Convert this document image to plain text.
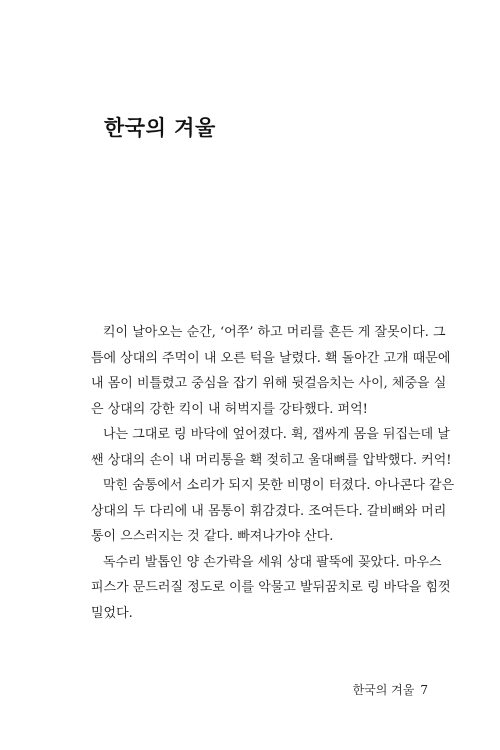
한국의 겨울
킥이 날아오는 순간, ‘어쭈’ 하고 머리를 흔든 게 잘못이다. 그
틈에 상대의 주먹이 내 오른 턱을 날렸다. 홱 돌아간 고개 때문에
내 몸이 비틀렸고 중심을 잡기 위해 뒷걸음치는 사이, 체중을 실
은 상대의 강한 킥이 내 허벅지를 강타했다. 퍼억!
나는 그대로 링 바닥에 엎어졌다. 휙, 잽싸게 몸을 뒤집는데 날
쌘 상대의 손이 내 머리통을 홱 젖히고 울대뼈를 압박했다. 커억!
막힌 숨통에서 소리가 되지 못한 비명이 터졌다. 아나콘다 같은
상대의 두 다리에 내 몸통이 휘감겼다. 조여든다. 갈비뼈와 머리
통이 으스러지는 것 같다. 빠져나가야 산다.
독수리 발톱인 양 손가락을 세워 상대 팔뚝에 꽂았다. 마우스
피스가 문드러질 정도로 이를 악물고 발뒤꿈치로 링 바닥을 힘껏
밀었다.
한국의 겨울 7
